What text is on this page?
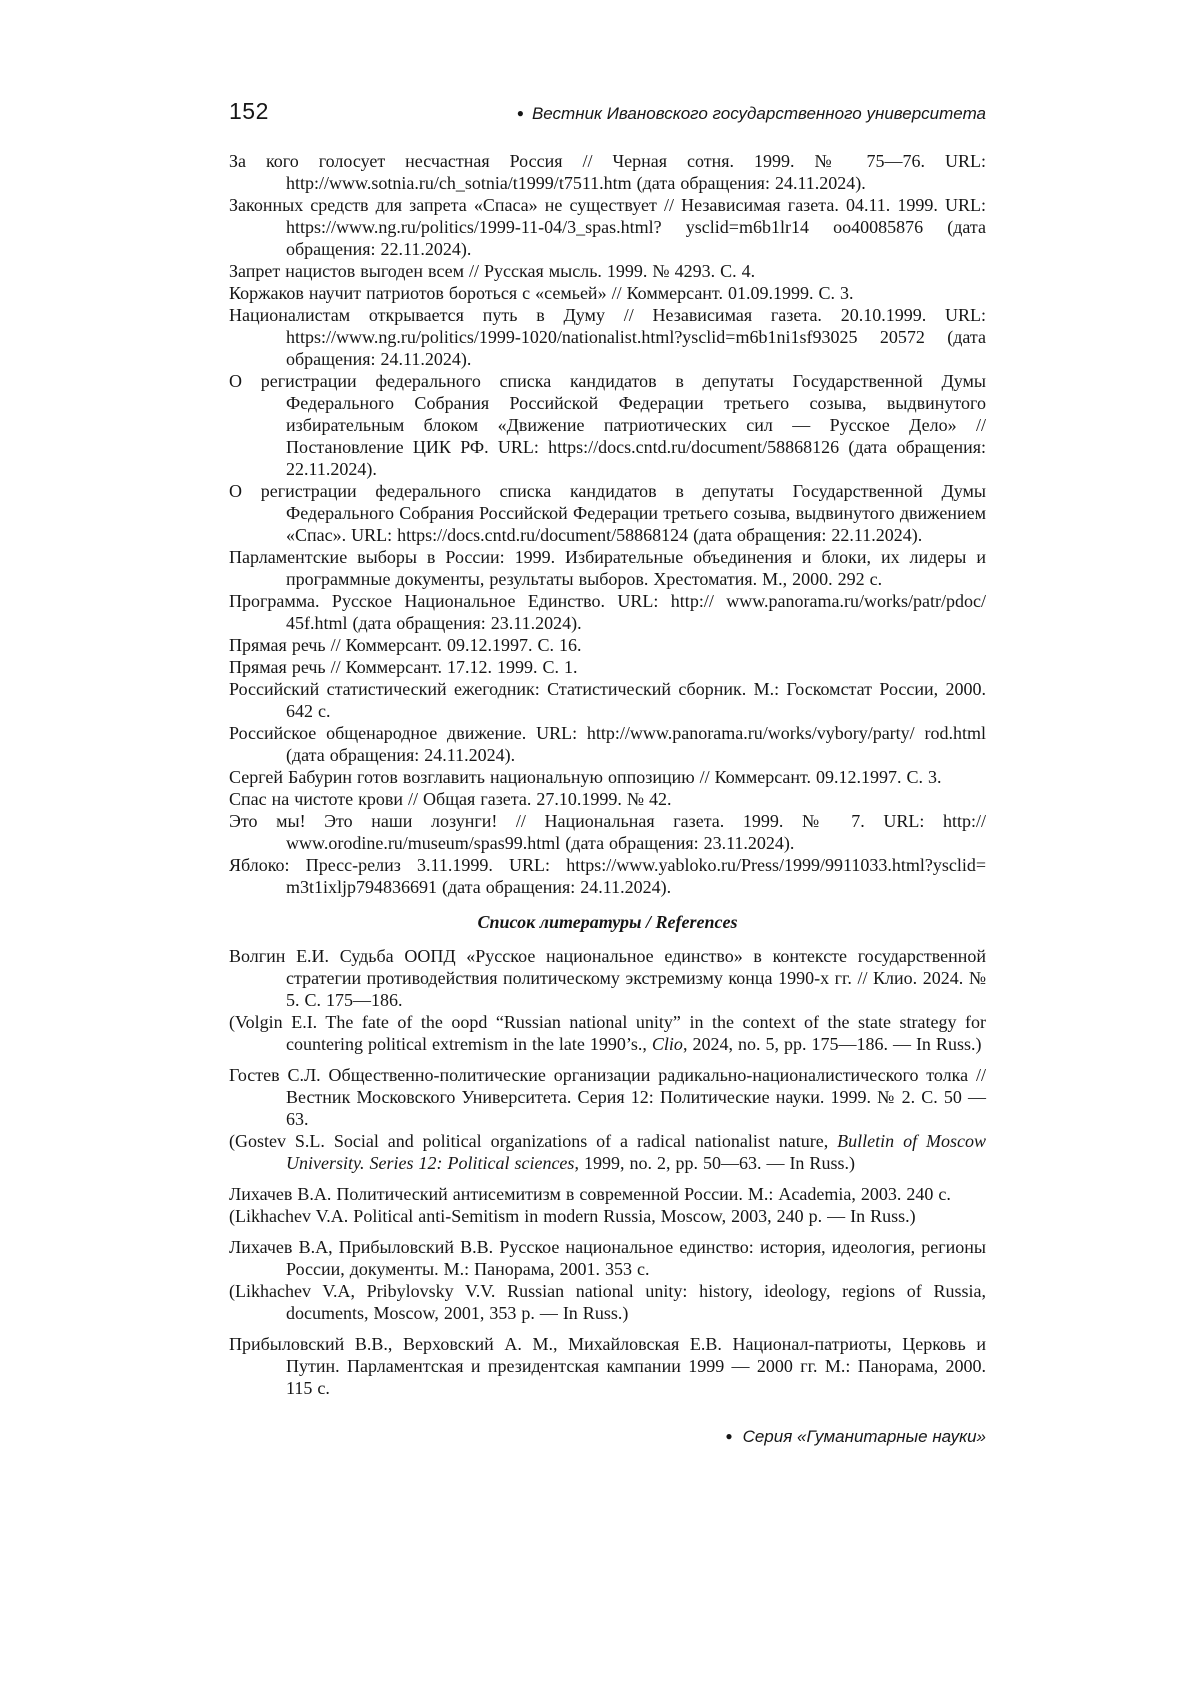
152	● Вестник Ивановского государственного университета

За кого голосует несчастная Россия // Черная сотня. 1999. № 75—76. URL: http://www.sotnia.ru/ch_sotnia/t1999/t7511.htm (дата обращения: 24.11.2024).

Законных средств для запрета «Спаса» не существует // Независимая газета. 04.11. 1999. URL: https://www.ng.ru/politics/1999-11-04/3_spas.html? ysclid=m6b1lr14 oo40085876 (дата обращения: 22.11.2024).

Запрет нацистов выгоден всем // Русская мысль. 1999. № 4293. С. 4.

Коржаков научит патриотов бороться с «семьей» // Коммерсант. 01.09.1999. С. 3.

Националистам открывается путь в Думу // Независимая газета. 20.10.1999. URL: https://www.ng.ru/politics/1999-1020/nationalist.html?ysclid=m6b1ni1sf93025 20572 (дата обращения: 24.11.2024).

О регистрации федерального списка кандидатов в депутаты Государственной Думы Федерального Собрания Российской Федерации третьего созыва, выдвинутого избирательным блоком «Движение патриотических сил — Русское Дело» // Постановление ЦИК РФ. URL: https://docs.cntd.ru/document/58868126 (дата обращения: 22.11.2024).

О регистрации федерального списка кандидатов в депутаты Государственной Думы Федерального Собрания Российской Федерации третьего созыва, выдвинутого движением «Спас». URL: https://docs.cntd.ru/document/58868124 (дата обращения: 22.11.2024).

Парламентские выборы в России: 1999. Избирательные объединения и блоки, их лидеры и программные документы, результаты выборов. Хрестоматия. М., 2000. 292 с.

Программа. Русское Национальное Единство. URL: http:// www.panorama.ru/works/patr/pdoc/ 45f.html (дата обращения: 23.11.2024).

Прямая речь // Коммерсант. 09.12.1997. С. 16.

Прямая речь // Коммерсант. 17.12. 1999. С. 1.

Российский статистический ежегодник: Статистический сборник. М.: Госкомстат России, 2000. 642 с.

Российское общенародное движение. URL: http://www.panorama.ru/works/vybory/party/ rod.html (дата обращения: 24.11.2024).

Сергей Бабурин готов возглавить национальную оппозицию // Коммерсант. 09.12.1997. С. 3.

Спас на чистоте крови // Общая газета. 27.10.1999. № 42.

Это мы! Это наши лозунги! // Национальная газета. 1999. № 7. URL: http:// www.orodine.ru/museum/spas99.html (дата обращения: 23.11.2024).

Яблоко: Пресс-релиз 3.11.1999. URL: https://www.yabloko.ru/Press/1999/9911033.html?ysclid= m3t1ixljp794836691 (дата обращения: 24.11.2024).

Список литературы / References

Волгин Е.И. Судьба ООПД «Русское национальное единство» в контексте государственной стратегии противодействия политическому экстремизму конца 1990-х гг. // Клио. 2024. № 5. С. 175—186.

(Volgin E.I. The fate of the oopd “Russian national unity” in the context of the state strategy for countering political extremism in the late 1990’s., Clio, 2024, no. 5, pp. 175—186. — In Russ.)

Гостев С.Л. Общественно-политические организации радикально-националистического толка // Вестник Московского Университета. Серия 12: Политические науки. 1999. № 2. С. 50 — 63.

(Gostev S.L. Social and political organizations of a radical nationalist nature, Bulletin of Moscow University. Series 12: Political sciences, 1999, no. 2, pp. 50—63. — In Russ.)

Лихачев В.А. Политический антисемитизм в современной России. М.: Academia, 2003. 240 с.

(Likhachev V.A. Political anti-Semitism in modern Russia, Moscow, 2003, 240 p. — In Russ.)

Лихачев В.А, Прибыловский В.В. Русское национальное единство: история, идеология, регионы России, документы. М.: Панорама, 2001. 353 с.

(Likhachev V.A, Pribylovsky V.V. Russian national unity: history, ideology, regions of Russia, documents, Moscow, 2001, 353 p. — In Russ.)

Прибыловский В.В., Верховский А. М., Михайловская Е.В. Национал-патриоты, Церковь и Путин. Парламентская и президентская кампании 1999 — 2000 гг. М.: Панорама, 2000. 115 с.

● Серия «Гуманитарные науки»
